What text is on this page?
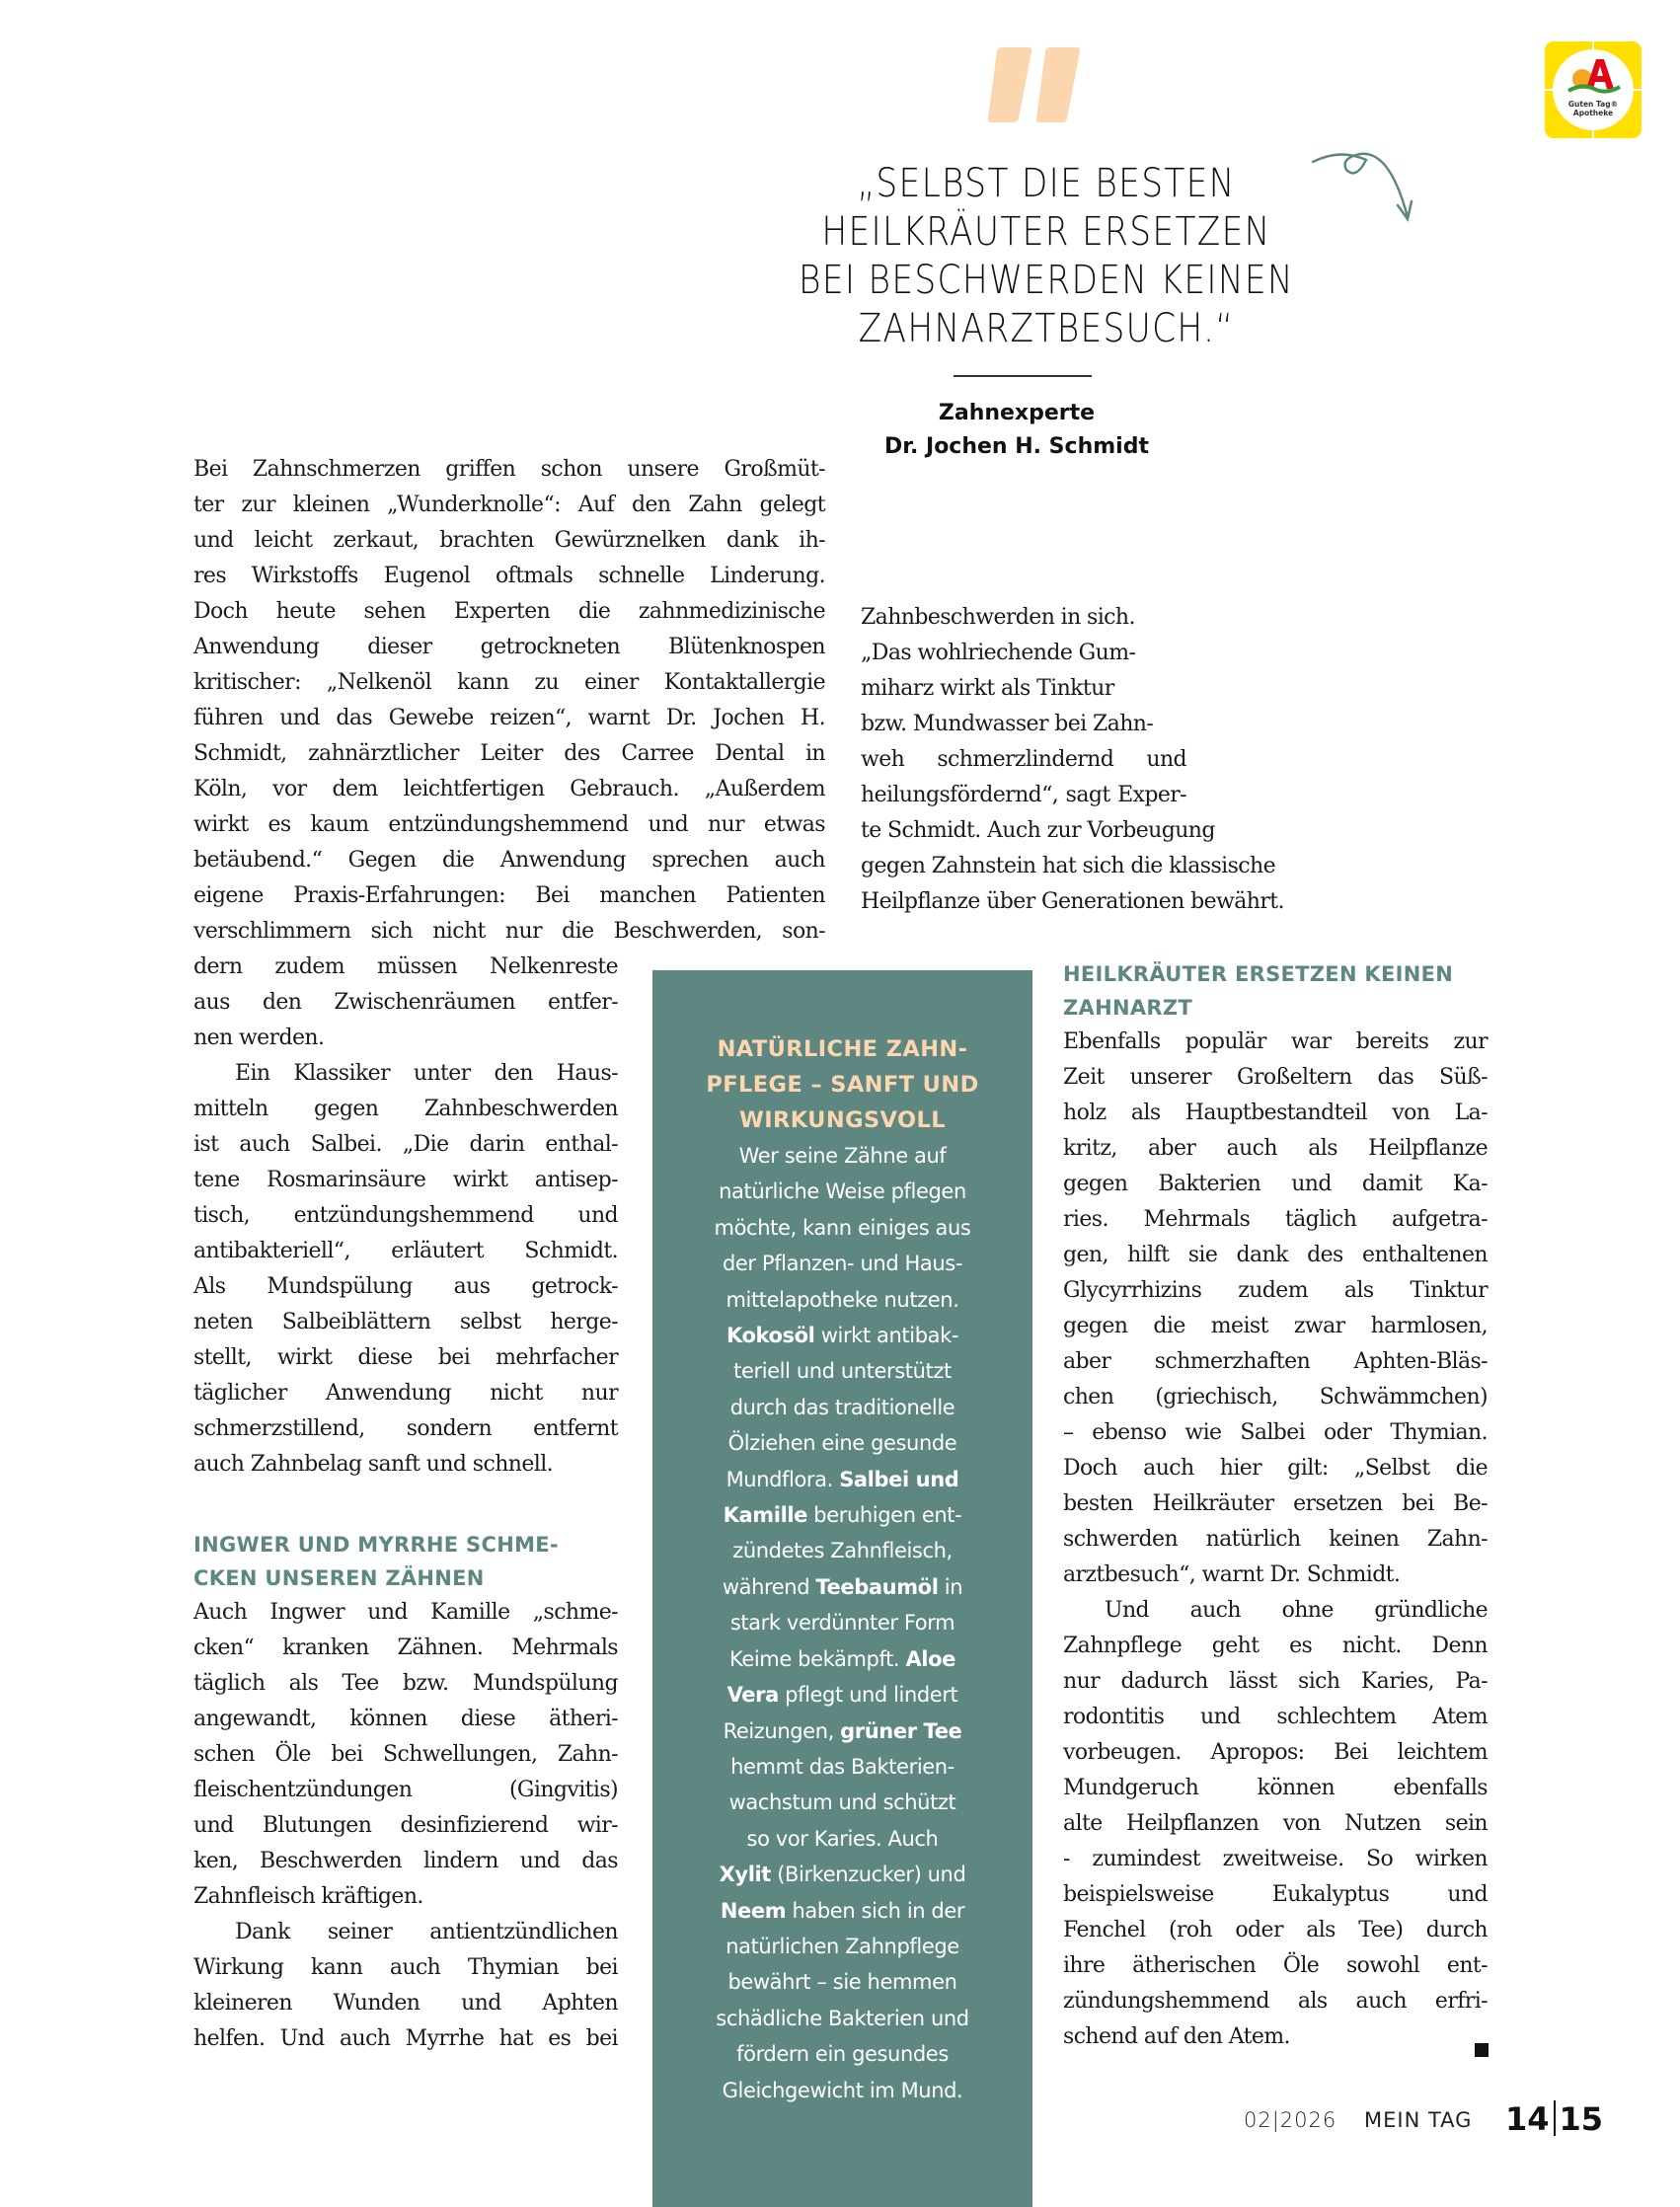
Guten Tag®
Apotheke
„SELBST DIE BESTEN
HEILKRÄUTER ERSETZEN
BEI BESCHWERDEN KEINEN
ZAHNARZTBESUCH.“
Zahnexperte
Dr. Jochen H. Schmidt
Bei Zahnschmerzen griffen schon unsere Großmüt-
ter zur kleinen „Wunderknolle“: Auf den Zahn gelegt
und leicht zerkaut, brachten Gewürznelken dank ih-
res Wirkstoffs Eugenol oftmals schnelle Linderung.
Doch heute sehen Experten die zahnmedizinische
Anwendung dieser getrockneten Blütenknospen
kritischer: „Nelkenöl kann zu einer Kontaktallergie
führen und das Gewebe reizen“, warnt Dr. Jochen H.
Schmidt, zahnärztlicher Leiter des Carree Dental in
Köln, vor dem leichtfertigen Gebrauch. „Außerdem
wirkt es kaum entzündungshemmend und nur etwas
betäubend.“ Gegen die Anwendung sprechen auch
eigene Praxis-Erfahrungen: Bei manchen Patienten
verschlimmern sich nicht nur die Beschwerden, son-
dern zudem müssen Nelkenreste
aus den Zwischenräumen entfer-
nen werden.
Ein Klassiker unter den Haus-
mitteln gegen Zahnbeschwerden
ist auch Salbei. „Die darin enthal-
tene Rosmarinsäure wirkt antisep-
tisch, entzündungshemmend und
antibakteriell“, erläutert Schmidt.
Als Mundspülung aus getrock-
neten Salbeiblättern selbst herge-
stellt, wirkt diese bei mehrfacher
täglicher Anwendung nicht nur
schmerzstillend, sondern entfernt
auch Zahnbelag sanft und schnell.
INGWER UND MYRRHE SCHME-
CKEN UNSEREN ZÄHNEN
Auch Ingwer und Kamille „schme-
cken“ kranken Zähnen. Mehrmals
täglich als Tee bzw. Mundspülung
angewandt, können diese ätheri-
schen Öle bei Schwellungen, Zahn-
fleischentzündungen (Gingvitis)
und Blutungen desinfizierend wir-
ken, Beschwerden lindern und das
Zahnfleisch kräftigen.
Dank seiner antientzündlichen
Wirkung kann auch Thymian bei
kleineren Wunden und Aphten
helfen. Und auch Myrrhe hat es bei
Zahnbeschwerden in sich.
„Das wohlriechende Gum-
miharz wirkt als Tinktur
bzw. Mundwasser bei Zahn-
weh schmerzlindernd und
heilungsfördernd“, sagt Exper-
te Schmidt. Auch zur Vorbeugung
gegen Zahnstein hat sich die klassische
Heilpflanze über Generationen bewährt.
NATÜRLICHE ZAHN-
PFLEGE – SANFT UND
WIRKUNGSVOLL
Wer seine Zähne auf
natürliche Weise pflegen
möchte, kann einiges aus
der Pflanzen- und Haus-
mittelapotheke nutzen.
Kokosöl wirkt antibak-
teriell und unterstützt
durch das traditionelle
Ölziehen eine gesunde
Mundflora. Salbei und
Kamille beruhigen ent-
zündetes Zahnfleisch,
während Teebaumöl in
stark verdünnter Form
Keime bekämpft. Aloe
Vera pflegt und lindert
Reizungen, grüner Tee
hemmt das Bakterien-
wachstum und schützt
so vor Karies. Auch
Xylit (Birkenzucker) und
Neem haben sich in der
natürlichen Zahnpflege
bewährt – sie hemmen
schädliche Bakterien und
fördern ein gesundes
Gleichgewicht im Mund.
HEILKRÄUTER ERSETZEN KEINEN
ZAHNARZT
Ebenfalls populär war bereits zur
Zeit unserer Großeltern das Süß-
holz als Hauptbestandteil von La-
kritz, aber auch als Heilpflanze
gegen Bakterien und damit Ka-
ries. Mehrmals täglich aufgetra-
gen, hilft sie dank des enthaltenen
Glycyrrhizins zudem als Tinktur
gegen die meist zwar harmlosen,
aber schmerzhaften Aphten-Bläs-
chen (griechisch, Schwämmchen)
– ebenso wie Salbei oder Thymian.
Doch auch hier gilt: „Selbst die
besten Heilkräuter ersetzen bei Be-
schwerden natürlich keinen Zahn-
arztbesuch“, warnt Dr. Schmidt.
Und auch ohne gründliche
Zahnpflege geht es nicht. Denn
nur dadurch lässt sich Karies, Pa-
rodontitis und schlechtem Atem
vorbeugen. Apropos: Bei leichtem
Mundgeruch können ebenfalls
alte Heilpflanzen von Nutzen sein
- zumindest zweitweise. So wirken
beispielsweise Eukalyptus und
Fenchel (roh oder als Tee) durch
ihre ätherischen Öle sowohl ent-
zündungshemmend als auch erfri-
schend auf den Atem.
02|2026 MEIN TAG 14 15
